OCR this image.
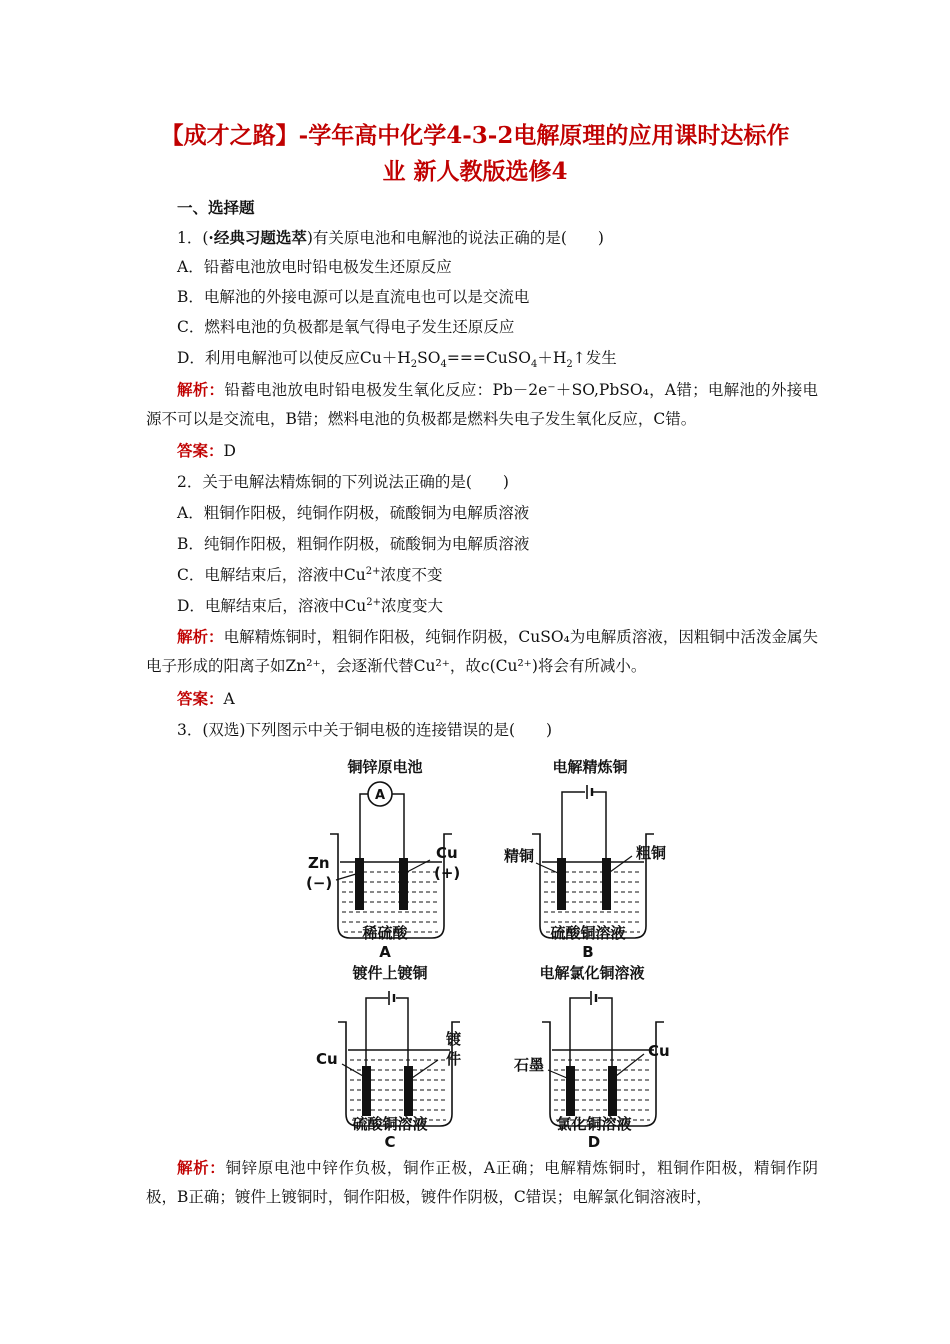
【成才之路】-学年高中化学4-3-2电解原理的应用课时达标作
业 新人教版选修4
一、选择题
1．(·经典习题选萃)有关原电池和电解池的说法正确的是(　　)
A．铅蓄电池放电时铅电极发生还原反应
B．电解池的外接电源可以是直流电也可以是交流电
C．燃料电池的负极都是氧气得电子发生还原反应
D．利用电解池可以使反应$Cu+H_2SO_4===CuSO_4+H_2↑$发生
解析：铅蓄电池放电时铅电极发生氧化反应：Pb－2e⁻＋SO,PbSO₄，A错；电解池的外接电源不可以是交流电，B错；燃料电池的负极都是燃料失电子发生氧化反应，C错。
答案：D
2．关于电解法精炼铜的下列说法正确的是(　　)
A．粗铜作阳极，纯铜作阴极，硫酸铜为电解质溶液
B．纯铜作阳极，粗铜作阴极，硫酸铜为电解质溶液
C．电解结束后，溶液中$Cu^{2+}$浓度不变
D．电解结束后，溶液中$Cu^{2+}$浓度变大
解析：电解精炼铜时，粗铜作阳极，纯铜作阴极，CuSO₄为电解质溶液，因粗铜中活泼金属失电子形成的阳离子如Zn²⁺，会逐渐代替Cu²⁺，故c(Cu²⁺)将会有所减小。
答案：A
3．(双选)下列图示中关于铜电极的连接错误的是(　　)
铜锌原电池
A
Zn
(−)
Cu
(+)
稀硫酸
A
电解精炼铜
精铜	粗铜
硫酸铜溶液
B
镀件上镀铜
Cu
镀
件
硫酸铜溶液
C
电解氯化铜溶液
石墨
Cu
氯化铜溶液
D
解析：铜锌原电池中锌作负极，铜作正极，A正确；电解精炼铜时，粗铜作阳极，精铜作阴极，B正确；镀件上镀铜时，铜作阳极，镀件作阴极，C错误；电解氯化铜溶液时，
